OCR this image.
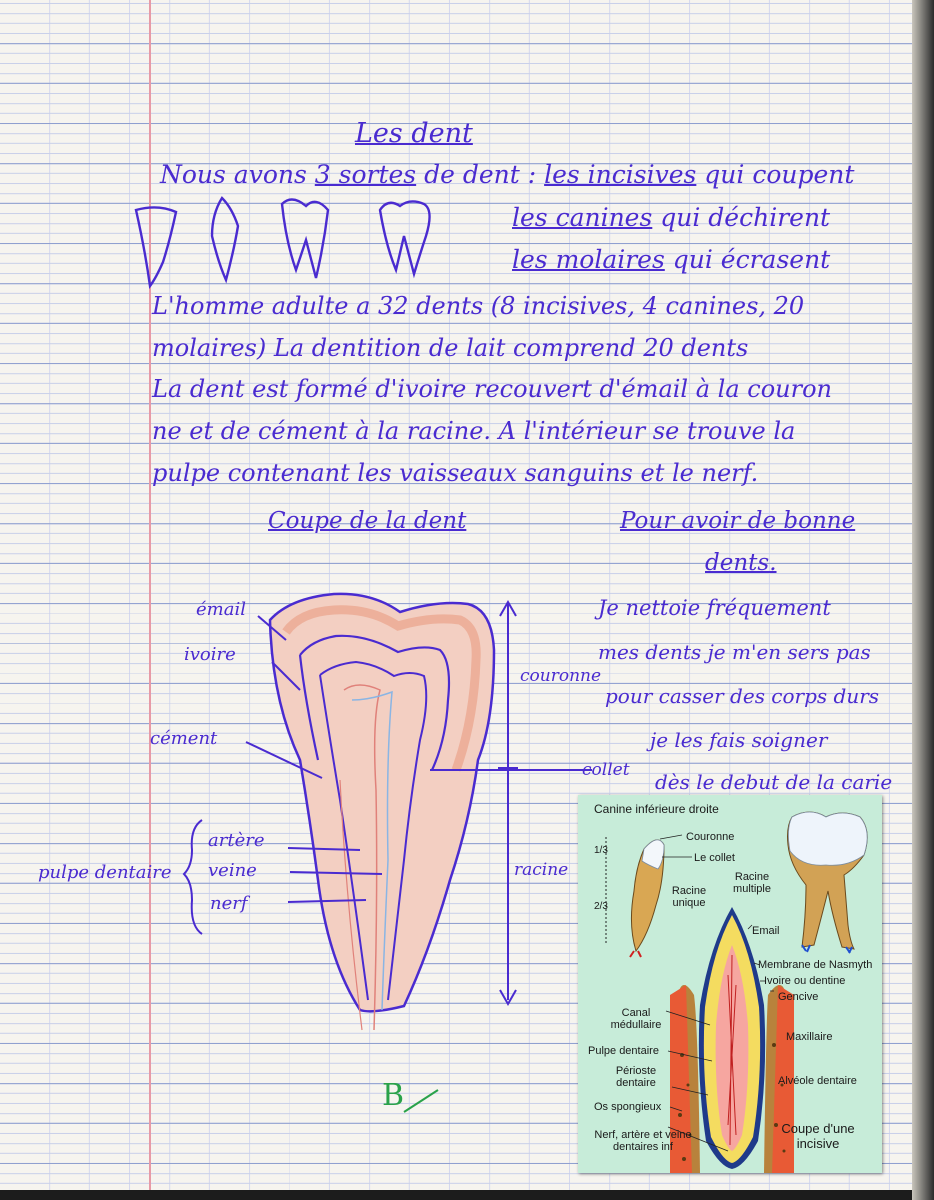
Les dent
Nous avons 3 sortes de dent : les incisives qui coupent
les canines qui déchirent
les molaires qui écrasent
L'homme adulte a 32 dents (8 incisives, 4 canines, 20
molaires) La dentition de lait comprend 20 dents
La dent est formé d'ivoire recouvert d'émail à la couron
ne et de cément à la racine. A l'intérieur se trouve la
pulpe contenant les vaisseaux sanguins et le nerf.
Coupe de la dent	Pour avoir de bonne
dents.
Je nettoie fréquement
mes dents je m'en sers pas
pour casser des corps durs
je les fais soigner
dès le debut de la carie
émail
ivoire
cément
artère
veine
nerf
pulpe dentaire
couronne
collet
racine
B
Canine inférieure droite
1/3
2/3
Couronne
Le collet
Racine multiple
Racine unique
Email
Membrane de Nasmyth
Ivoire ou dentine
Gencive
Canal médullaire
Maxillaire
Pulpe dentaire
Périoste dentaire	Alvéole dentaire
Os spongieux
Nerf, artère et veine dentaires inf
Coupe d'une incisive
